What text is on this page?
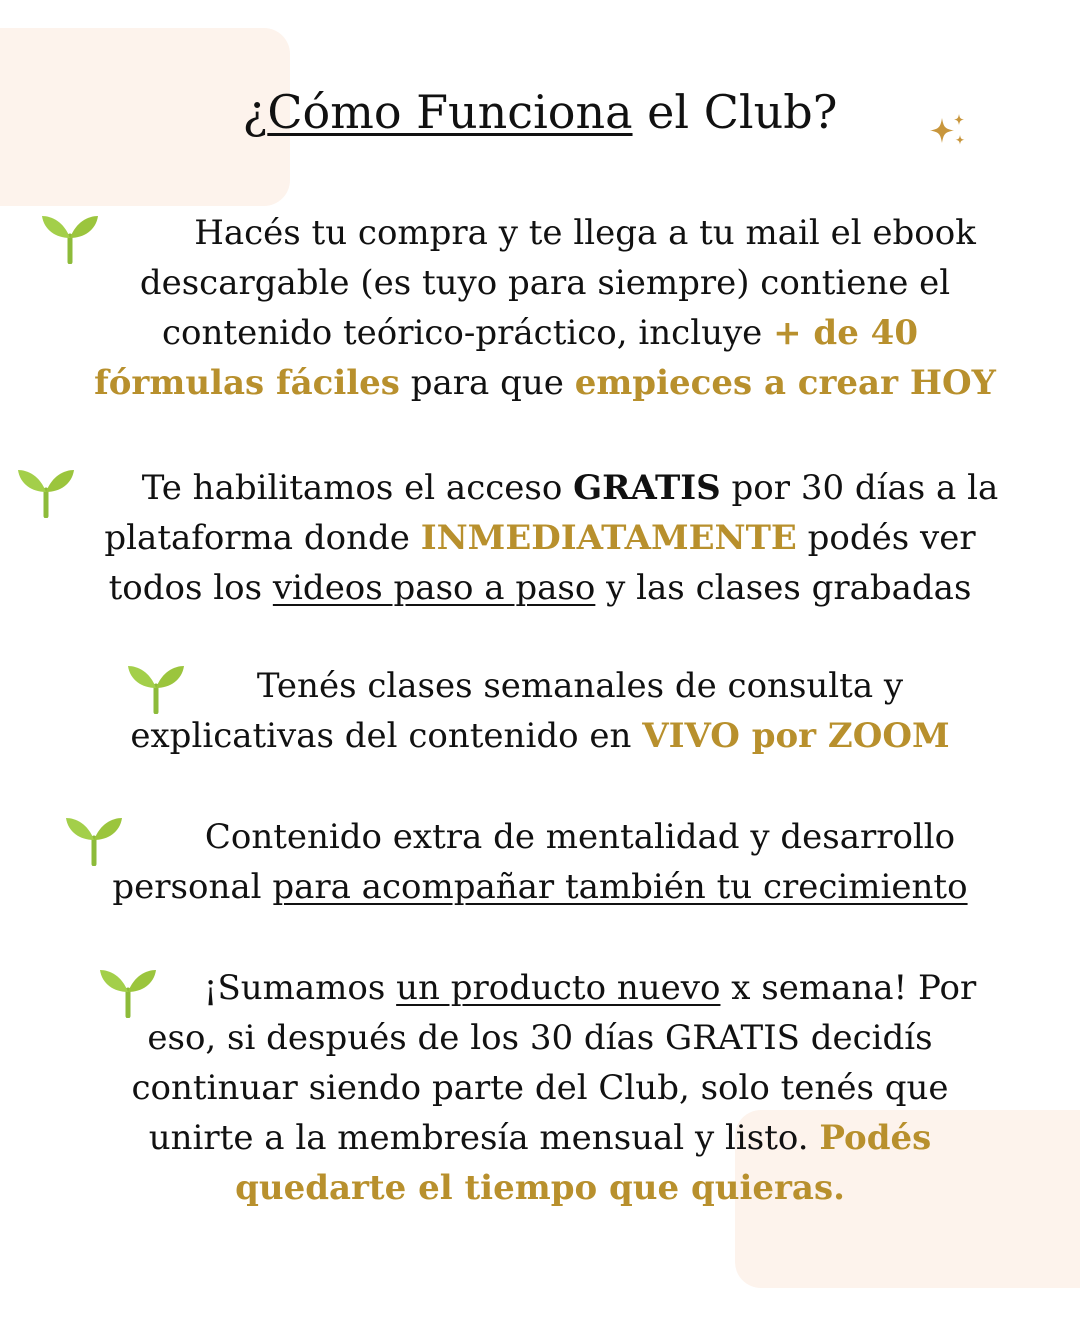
¿Cómo Funciona el Club?
Hacés tu compra y te llega a tu mail el ebook
descargable (es tuyo para siempre) contiene el
contenido teórico-práctico, incluye + de 40
fórmulas fáciles para que empieces a crear HOY
Te habilitamos el acceso GRATIS por 30 días a la
plataforma donde INMEDIATAMENTE podés ver
todos los videos paso a paso y las clases grabadas
Tenés clases semanales de consulta y
explicativas del contenido en VIVO por ZOOM
Contenido extra de mentalidad y desarrollo
personal para acompañar también tu crecimiento
¡Sumamos un producto nuevo x semana! Por
eso, si después de los 30 días GRATIS decidís
continuar siendo parte del Club, solo tenés que
unirte a la membresía mensual y listo. Podés
quedarte el tiempo que quieras.
